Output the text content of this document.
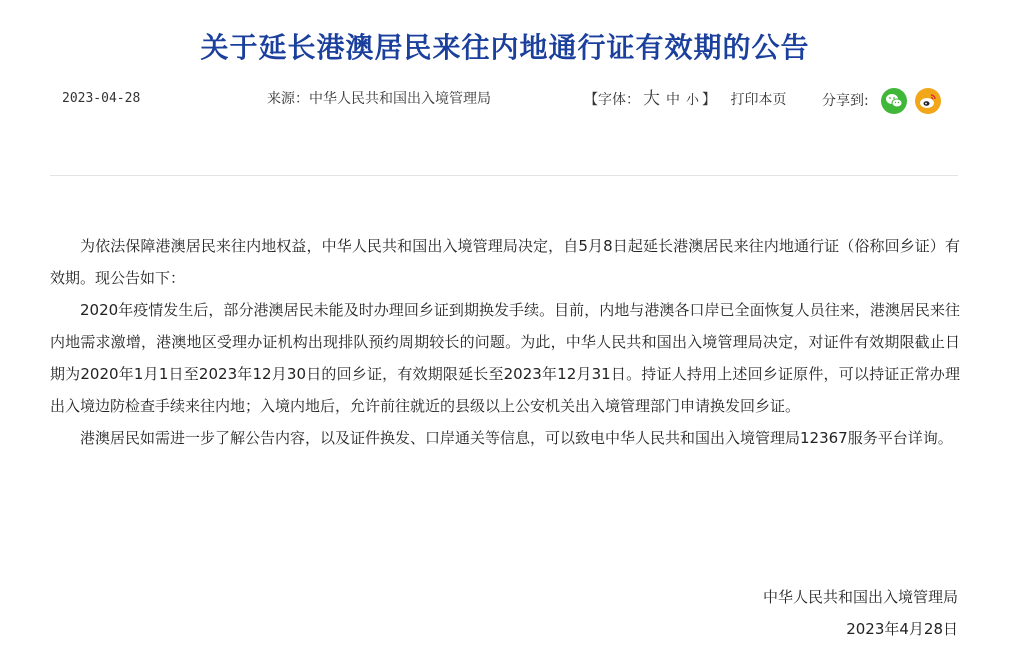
关于延长港澳居民来往内地通行证有效期的公告
2023-04-28	来源：中华人民共和国出入境管理局	【字体： 大 中 小 】 打印本页	分享到:

为依法保障港澳居民来往内地权益，中华人民共和国出入境管理局决定，自5月8日起延长港澳居民来往内地通行证（俗称回乡证）有效期。现公告如下：

2020年疫情发生后，部分港澳居民未能及时办理回乡证到期换发手续。目前，内地与港澳各口岸已全面恢复人员往来，港澳居民来往内地需求激增，港澳地区受理办证机构出现排队预约周期较长的问题。为此，中华人民共和国出入境管理局决定，对证件有效期限截止日期为2020年1月1日至2023年12月30日的回乡证，有效期限延长至2023年12月31日。持证人持用上述回乡证原件，可以持证正常办理出入境边防检查手续来往内地；入境内地后，允许前往就近的县级以上公安机关出入境管理部门申请换发回乡证。

港澳居民如需进一步了解公告内容，以及证件换发、口岸通关等信息，可以致电中华人民共和国出入境管理局12367服务平台详询。

中华人民共和国出入境管理局
2023年4月28日
